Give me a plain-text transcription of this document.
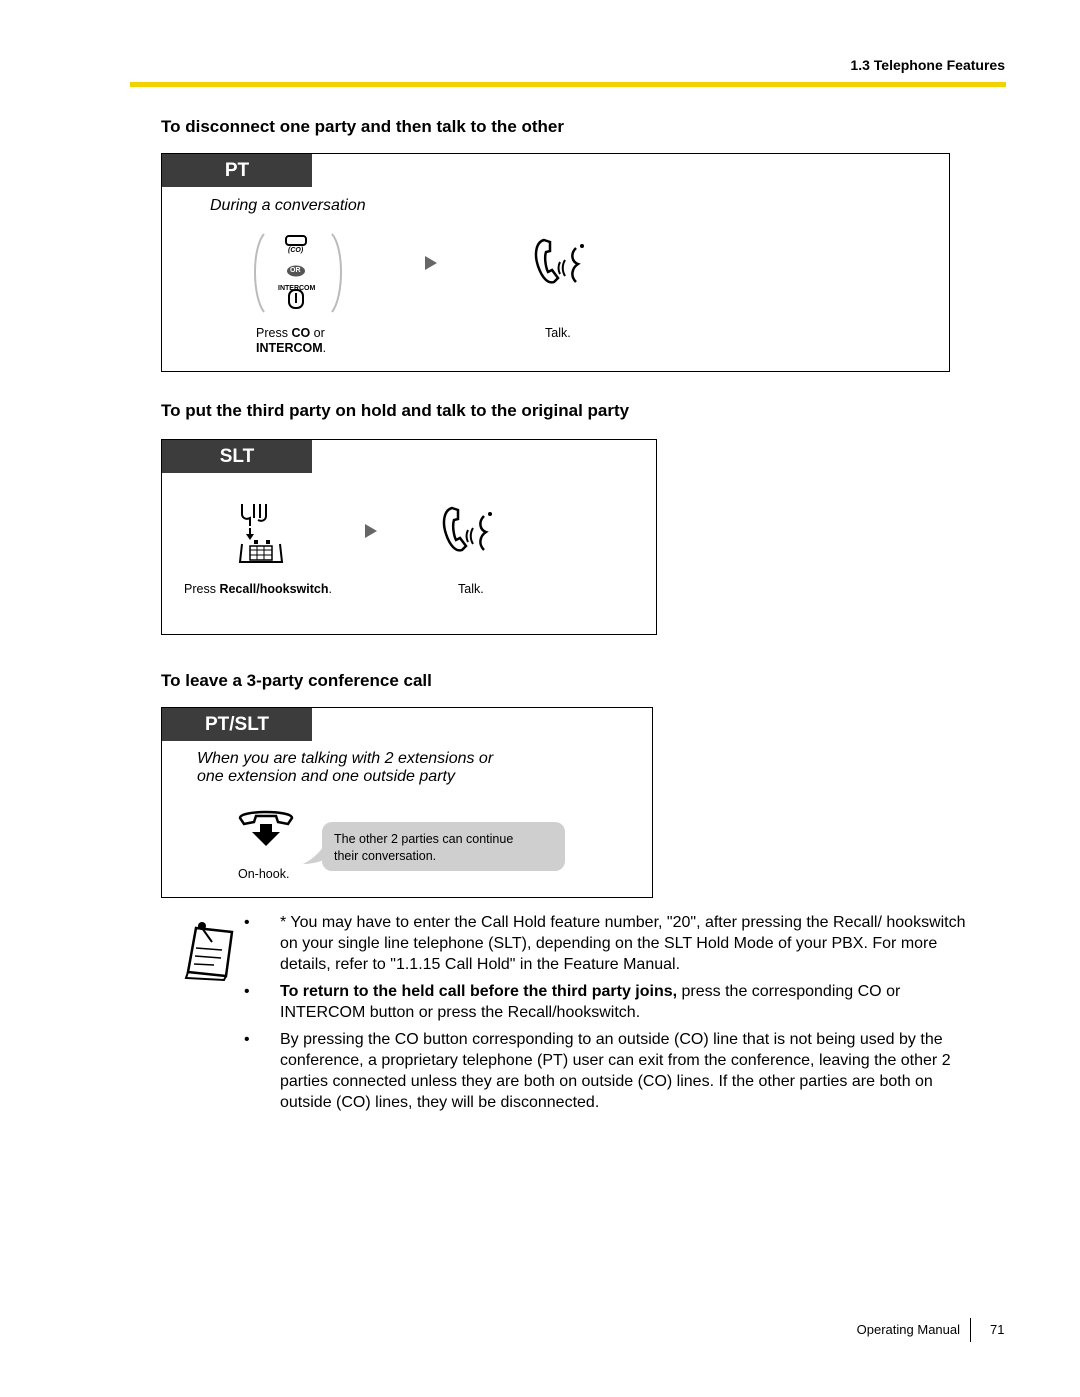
1.3 Telephone Features
To disconnect one party and then talk to the other
PT
During a conversation
(CO)
OR
INTERCOM
Press CO or
INTERCOM.
Talk.
To put the third party on hold and talk to the original party
SLT
Press Recall/hookswitch.	Talk.
To leave a 3-party conference call
PT/SLT
When you are talking with 2 extensions or
one extension and one outside party
On-hook.
The other 2 parties can continue
their conversation.
• * You may have to enter the Call Hold feature number, "20", after pressing the Recall/ hookswitch on your single line telephone (SLT), depending on the SLT Hold Mode of your PBX. For more details, refer to "1.1.15 Call Hold" in the Feature Manual.
• To return to the held call before the third party joins, press the corresponding CO or INTERCOM button or press the Recall/hookswitch.
• By pressing the CO button corresponding to an outside (CO) line that is not being used by the conference, a proprietary telephone (PT) user can exit from the conference, leaving the other 2 parties connected unless they are both on outside (CO) lines. If the other parties are both on outside (CO) lines, they will be disconnected.
Operating Manual 71
